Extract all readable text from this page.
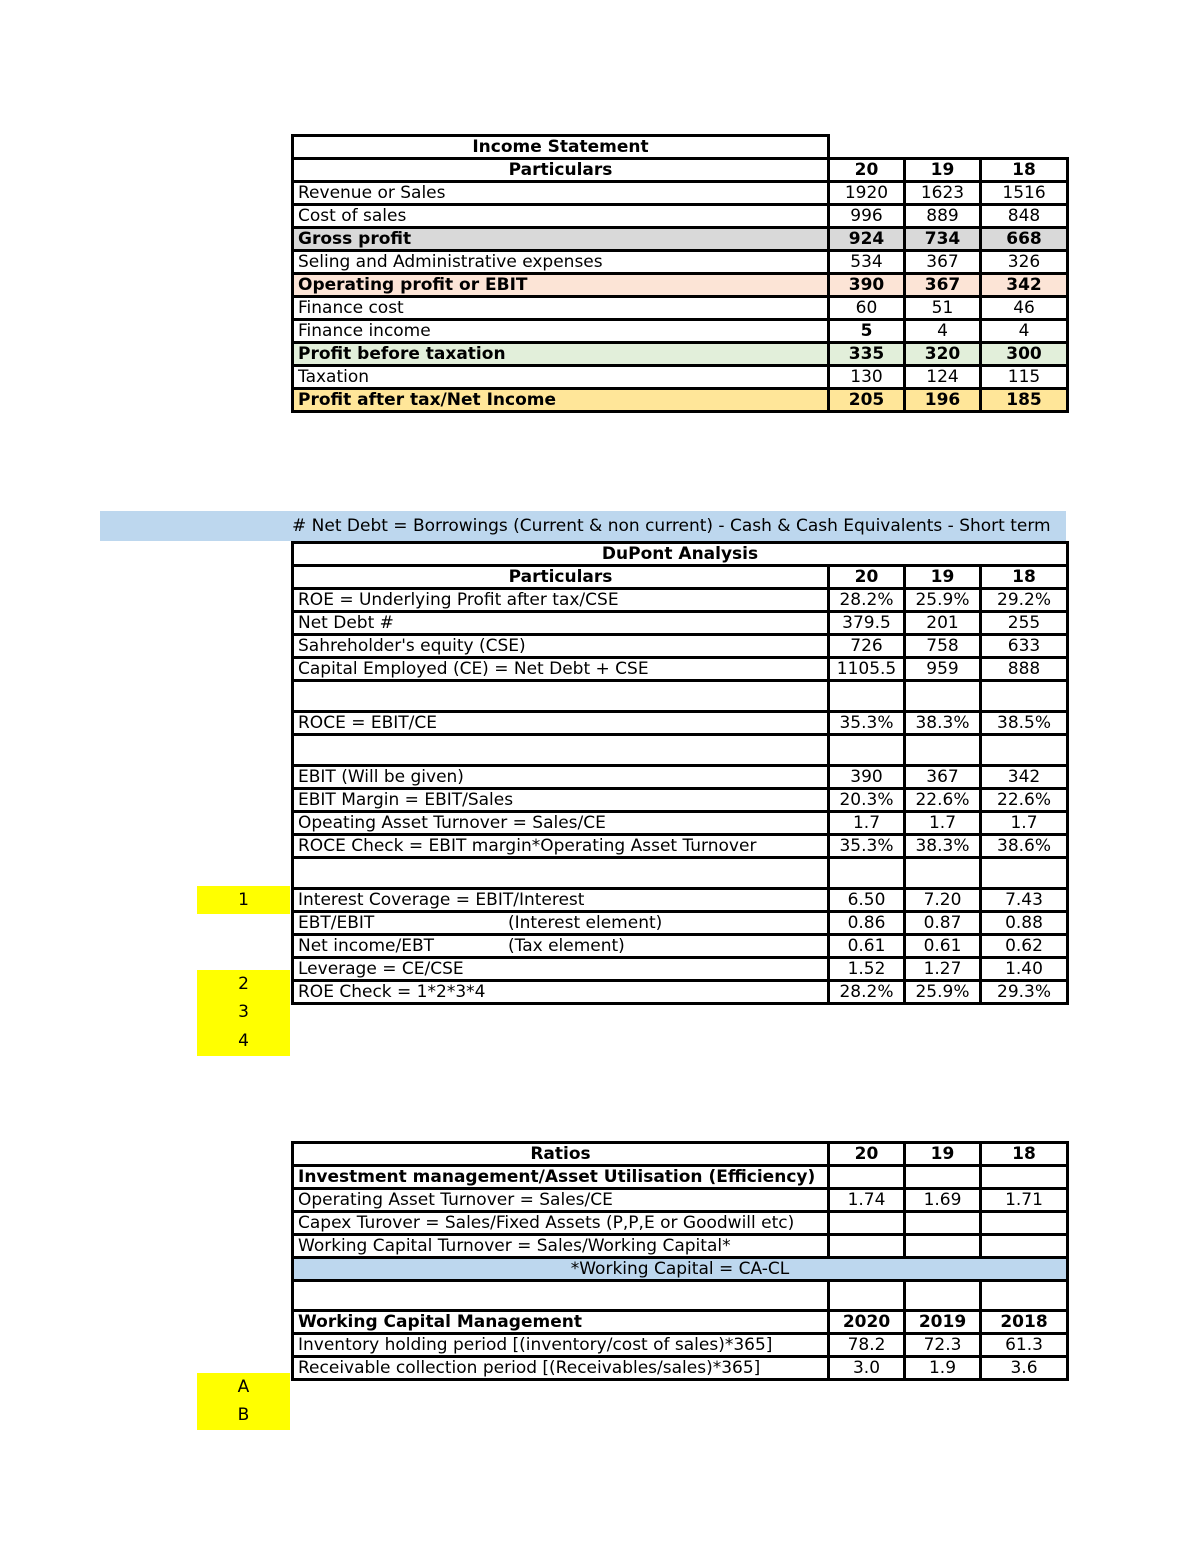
Income Statement			
Particulars	20	19	18
Revenue or Sales	1920	1623	1516
Cost of sales	996	889	848
Gross profit	924	734	668
Seling and Administrative expenses	534	367	326
Operating profit or EBIT	390	367	342
Finance cost	60	51	46
Finance income	5	4	4
Profit before taxation	335	320	300
Taxation	130	124	115
Profit after tax/Net Income	205	196	185
# Net Debt = Borrowings (Current & non current) - Cash & Cash Equivalents - Short term
DuPont Analysis			
Particulars	20	19	18
ROE = Underlying Profit after tax/CSE	28.2%	25.9%	29.2%
Net Debt #	379.5	201	255
Sahreholder's equity (CSE)	726	758	633
Capital Employed (CE) = Net Debt + CSE	1105.5	959	888

ROCE = EBIT/CE	35.3%	38.3%	38.5%

EBIT (Will be given)	390	367	342
EBIT Margin = EBIT/Sales	20.3%	22.6%	22.6%
Opeating Asset Turnover = Sales/CE	1.7	1.7	1.7
ROCE Check = EBIT margin*Operating Asset Turnover	35.3%	38.3%	38.6%

Interest Coverage = EBIT/Interest	6.50	7.20	7.43
EBT/EBIT (Interest element)	0.86	0.87	0.88
Net income/EBT (Tax element)	0.61	0.61	0.62
Leverage = CE/CSE	1.52	1.27	1.40
ROE Check = 1*2*3*4	28.2%	25.9%	29.3%
1
2
3
4
Ratios	20	19	18
Investment management/Asset Utilisation (Efficiency)			
Operating Asset Turnover = Sales/CE	1.74	1.69	1.71
Capex Turover = Sales/Fixed Assets (P,P,E or Goodwill etc)			
Working Capital Turnover = Sales/Working Capital*			
*Working Capital = CA-CL			

Working Capital Management	2020	2019	2018
Inventory holding period [(inventory/cost of sales)*365]	78.2	72.3	61.3
Receivable collection period [(Receivables/sales)*365]	3.0	1.9	3.6
A
B
